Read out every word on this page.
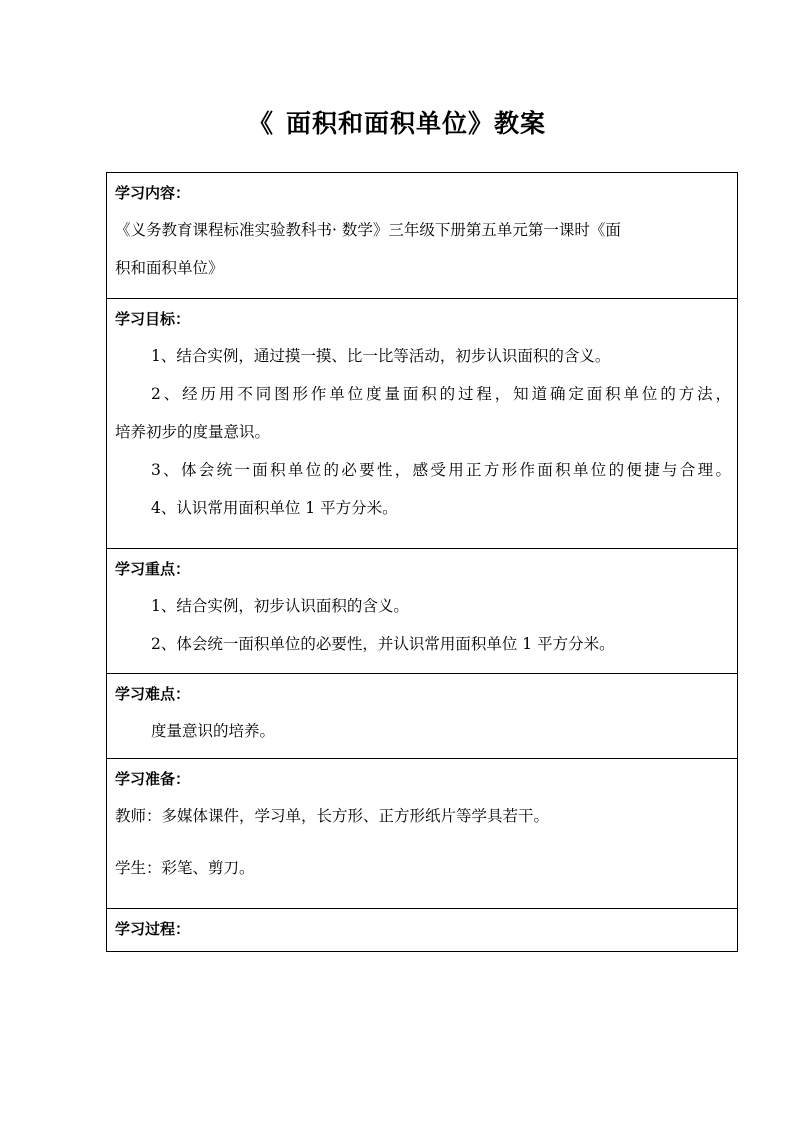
《 面积和面积单位》教案
学习内容：
《义务教育课程标准实验教科书· 数学》三年级下册第五单元第一课时《面
积和面积单位》
学习目标：
1、结合实例，通过摸一摸、比一比等活动，初步认识面积的含义。
2、经历用不同图形作单位度量面积的过程，知道确定面积单位的方法，
培养初步的度量意识。
3、体会统一面积单位的必要性，感受用正方形作面积单位的便捷与合理。
4、认识常用面积单位 1 平方分米。
学习重点：
1、结合实例，初步认识面积的含义。
2、体会统一面积单位的必要性，并认识常用面积单位 1 平方分米。
学习难点：
度量意识的培养。
学习准备：
教师：多媒体课件，学习单，长方形、正方形纸片等学具若干。
学生：彩笔、剪刀。
学习过程：
